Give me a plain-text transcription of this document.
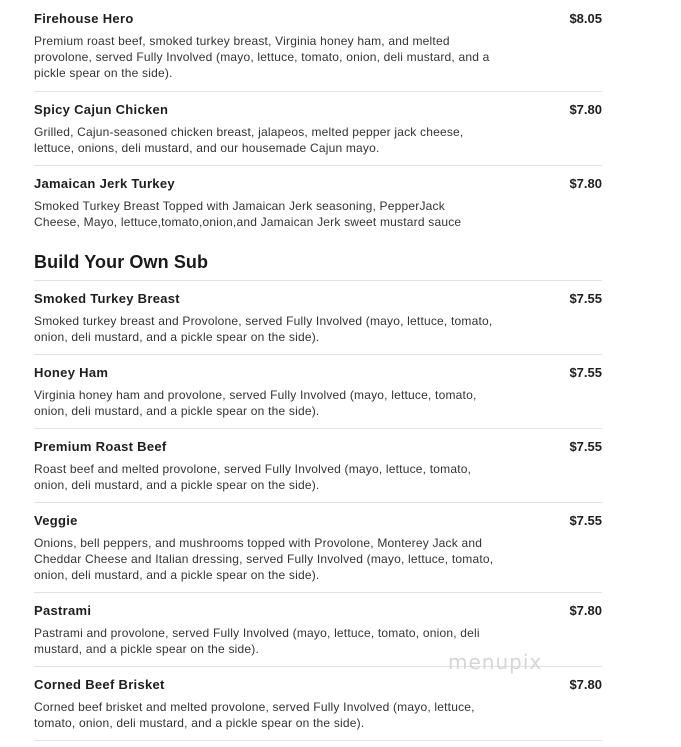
Firehouse Hero	$8.05
Premium roast beef, smoked turkey breast, Virginia honey ham, and melted provolone, served Fully Involved (mayo, lettuce, tomato, onion, deli mustard, and a pickle spear on the side).
Spicy Cajun Chicken	$7.80
Grilled, Cajun-seasoned chicken breast, jalapeos, melted pepper jack cheese, lettuce, onions, deli mustard, and our housemade Cajun mayo.
Jamaican Jerk Turkey	$7.80
Smoked Turkey Breast Topped with Jamaican Jerk seasoning, PepperJack Cheese, Mayo, lettuce,tomato,onion,and Jamaican Jerk sweet mustard sauce
Build Your Own Sub
Smoked Turkey Breast	$7.55
Smoked turkey breast and Provolone, served Fully Involved (mayo, lettuce, tomato, onion, deli mustard, and a pickle spear on the side).
Honey Ham	$7.55
Virginia honey ham and provolone, served Fully Involved (mayo, lettuce, tomato, onion, deli mustard, and a pickle spear on the side).
Premium Roast Beef	$7.55
Roast beef and melted provolone, served Fully Involved (mayo, lettuce, tomato, onion, deli mustard, and a pickle spear on the side).
Veggie	$7.55
Onions, bell peppers, and mushrooms topped with Provolone, Monterey Jack and Cheddar Cheese and Italian dressing, served Fully Involved (mayo, lettuce, tomato, onion, deli mustard, and a pickle spear on the side).
Pastrami	$7.80
Pastrami and provolone, served Fully Involved (mayo, lettuce, tomato, onion, deli mustard, and a pickle spear on the side).
Corned Beef Brisket	$7.80
Corned beef brisket and melted provolone, served Fully Involved (mayo, lettuce, tomato, onion, deli mustard, and a pickle spear on the side).
menupix
